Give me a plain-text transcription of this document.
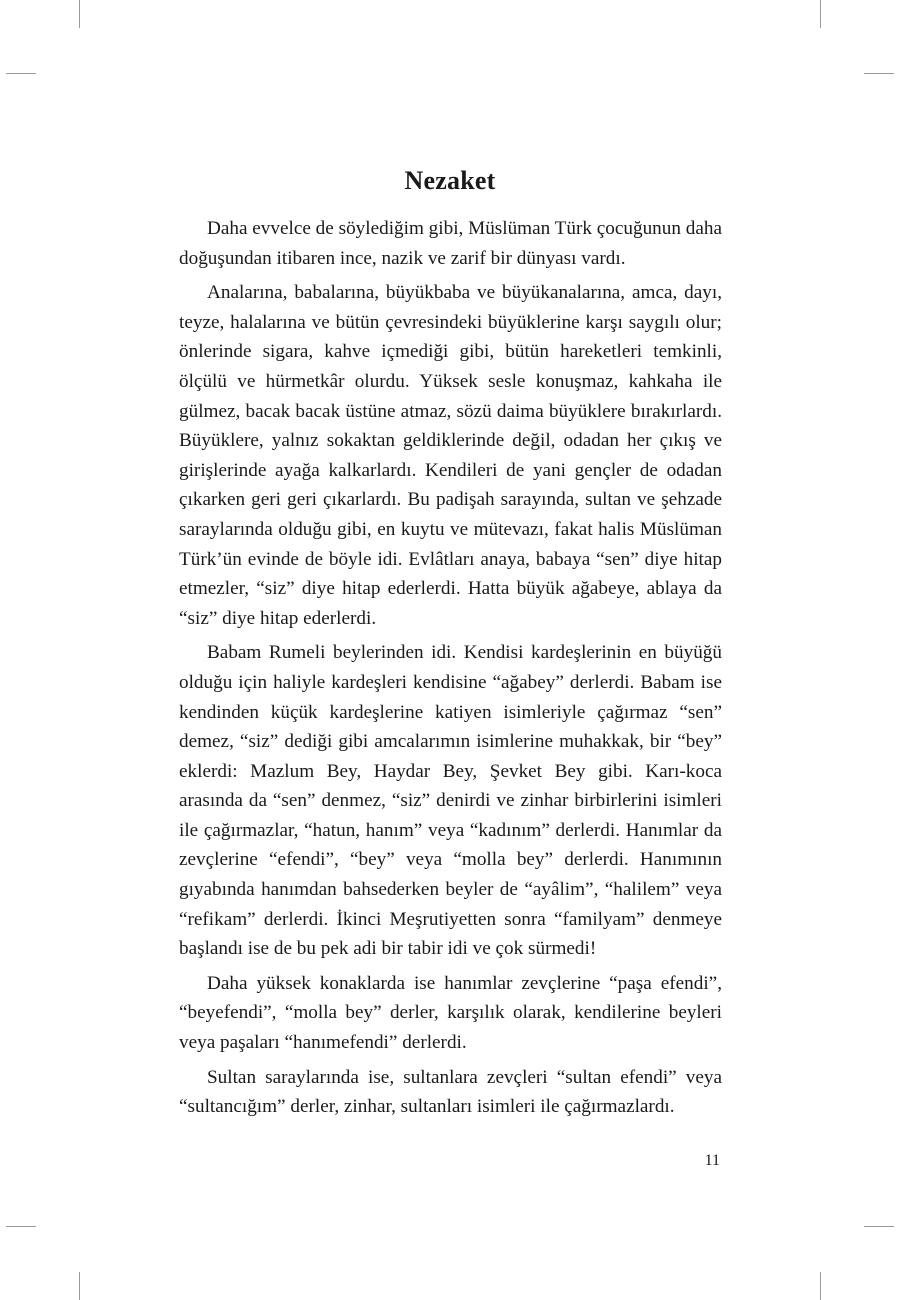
Nezaket

Daha evvelce de söylediğim gibi, Müslüman Türk çocuğunun daha doğuşundan itibaren ince, nazik ve zarif bir dünyası vardı.

Analarına, babalarına, büyükbaba ve büyükanalarına, amca, dayı, teyze, halalarına ve bütün çevresindeki büyüklerine karşı saygılı olur; önlerinde sigara, kahve içmediği gibi, bütün hareketleri temkinli, ölçülü ve hürmetkâr olurdu. Yüksek sesle konuşmaz, kahkaha ile gülmez, bacak bacak üstüne atmaz, sözü daima büyüklere bırakırlardı. Büyüklere, yalnız sokaktan geldiklerinde değil, odadan her çıkış ve girişlerinde ayağa kalkarlardı. Kendileri de yani gençler de odadan çıkarken geri geri çıkarlardı. Bu padişah sarayında, sultan ve şehzade saraylarında olduğu gibi, en kuytu ve mütevazı, fakat halis Müslüman Türk’ün evinde de böyle idi. Evlâtları anaya, babaya “sen” diye hitap etmezler, “siz” diye hitap ederlerdi. Hatta büyük ağabeye, ablaya da “siz” diye hitap ederlerdi.

Babam Rumeli beylerinden idi. Kendisi kardeşlerinin en büyüğü olduğu için haliyle kardeşleri kendisine “ağabey” derlerdi. Babam ise kendinden küçük kardeşlerine katiyen isimleriyle çağırmaz “sen” demez, “siz” dediği gibi amcalarımın isimlerine muhakkak, bir “bey” eklerdi: Mazlum Bey, Haydar Bey, Şevket Bey gibi. Karı-koca arasında da “sen” denmez, “siz” denirdi ve zinhar birbirlerini isimleri ile çağırmazlar, “hatun, hanım” veya “kadınım” derlerdi. Hanımlar da zevçlerine “efendi”, “bey” veya “molla bey” derlerdi. Hanımının gıyabında hanımdan bahsederken beyler de “ayâlim”, “halilem” veya “refikam” derlerdi. İkinci Meşrutiyetten sonra “familyam” denmeye başlandı ise de bu pek adi bir tabir idi ve çok sürmedi!

Daha yüksek konaklarda ise hanımlar zevçlerine “paşa efendi”, “beyefendi”, “molla bey” derler, karşılık olarak, kendilerine beyleri veya paşaları “hanımefendi” derlerdi.

Sultan saraylarında ise, sultanlara zevçleri “sultan efendi” veya “sultancığım” derler, zinhar, sultanları isimleri ile çağırmazlardı.

11
